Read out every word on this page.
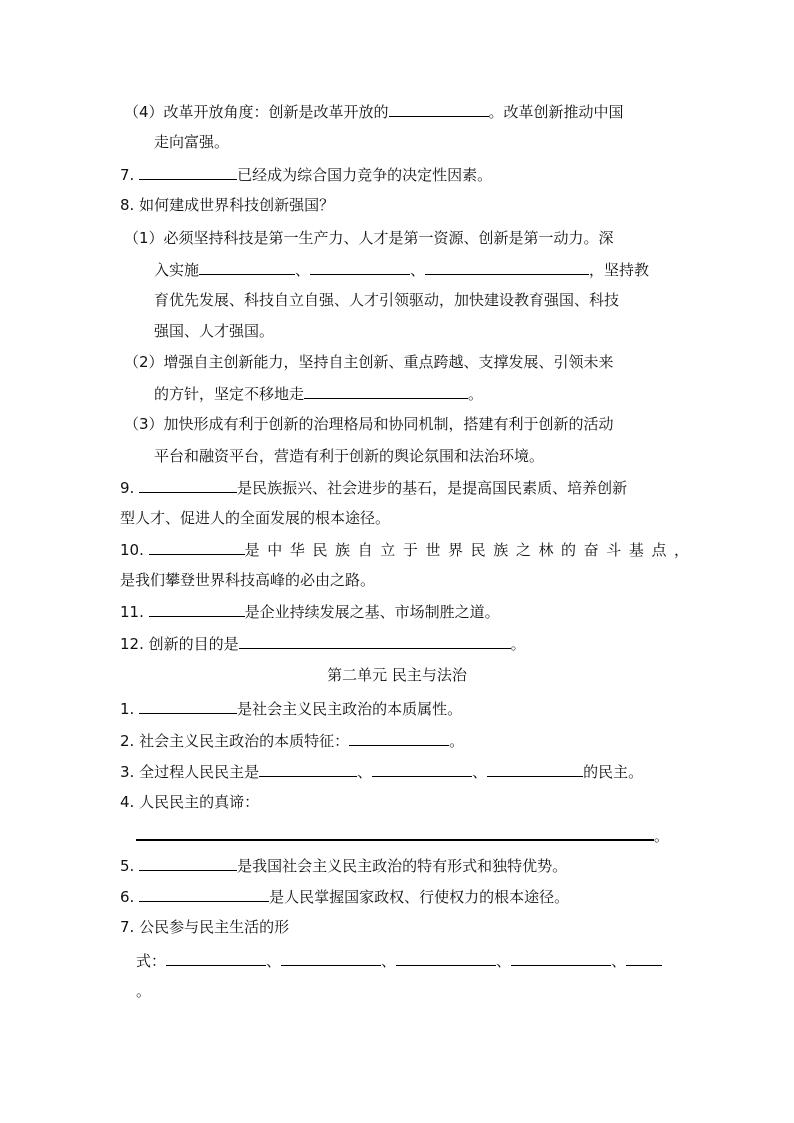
（4）改革开放角度：创新是改革开放的	。改革创新推动中国
走向富强。
7.	已经成为综合国力竞争的决定性因素。
8. 如何建成世界科技创新强国？
（1）必须坚持科技是第一生产力、人才是第一资源、创新是第一动力。深
入实施	、	、	，坚持教
育优先发展、科技自立自强、人才引领驱动，加快建设教育强国、科技
强国、人才强国。
（2）增强自主创新能力，坚持自主创新、重点跨越、支撑发展、引领未来
的方针，坚定不移地走	。
（3）加快形成有利于创新的治理格局和协同机制，搭建有利于创新的活动
平台和融资平台，营造有利于创新的舆论氛围和法治环境。
9.	是民族振兴、社会进步的基石，是提高国民素质、培养创新
型人才、促进人的全面发展的根本途径。
10.	是中华民族自立于世界民族之林的奋斗基点，
是我们攀登世界科技高峰的必由之路。
11.	是企业持续发展之基、市场制胜之道。
12. 创新的目的是	。
第二单元 民主与法治
1.	是社会主义民主政治的本质属性。
2. 社会主义民主政治的本质特征：	。
3. 全过程人民民主是	、	、	的民主。
4. 人民民主的真谛：
。
5.	是我国社会主义民主政治的特有形式和独特优势。
6.	是人民掌握国家政权、行使权力的根本途径。
7. 公民参与民主生活的形
式：	、	、	、	、
。
